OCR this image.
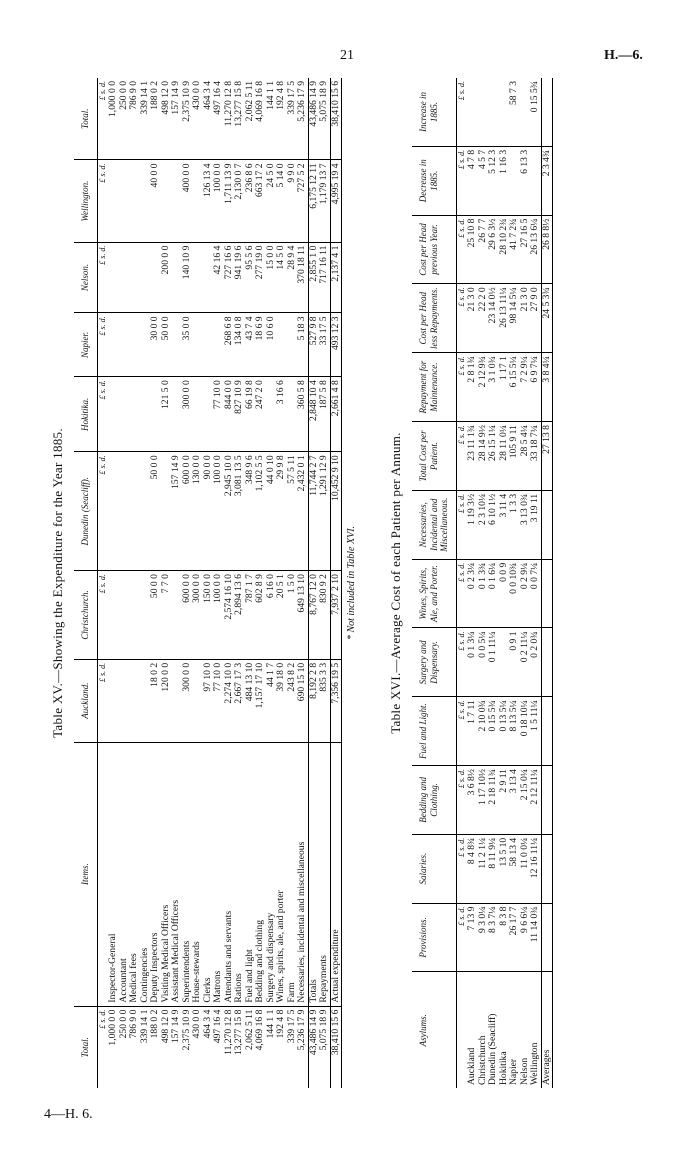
21	H.—6.
4—H. 6.

Table XV.—Showing the Expenditure for the Year 1885.

Total.	Items.	Auckland.	Christchurch.	Dunedin (Seacliff).	Hokitika.	Napier.	Nelson.	Wellington.	Total.
£ s. d.		£ s. d.	£ s. d.	£ s. d.	£ s. d.	£ s. d.	£ s. d.	£ s. d.	£ s. d.
1,000 0 0	Inspector-General								1,000 0 0
250 0 0	Accountant								250 0 0
786 9 0	Medical fees								786 9 0
339 14 1	Contingencies								339 14 1
188 0 2	Deputy Inspectors	18 0 2	50 0 0	50 0 0		30 0 0		40 0 0	188 0 2
498 12 0	Visiting Medical Officers	120 0 0	7 7 0		121 5 0	50 0 0	200 0 0		498 12 0
157 14 9	Assistant Medical Officers			157 14 9					157 14 9
2,375 10 9	Superintendents	300 0 0	600 0 0	600 0 0	300 0 0	35 0 0	140 10 9	400 0 0	2,375 10 9
430 0 0	House-stewards		300 0 0	130 0 0					430 0 0
464 3 4	Clerks	97 10 0	150 0 0	90 0 0				126 13 4	464 3 4
497 16 4	Matrons	77 10 0	100 0 0	100 0 0	77 10 0		42 16 4	100 0 0	497 16 4
11,270 12 8	Attendants and servants	2,274 10 0	2,574 16 10	2,945 10 0	844 0 0	268 6 8	727 16 6	1,711 13 9	11,270 12 8
13,277 15 8	Rations	2,667 17 3	2,894 13 6	3,081 13 5	827 10 9	134 0 8	941 19 6	2,130 0 7	13,277 15 8
2,062 5 11	Fuel and light	484 13 10	787 1 7	348 9 6	66 19 8	43 7 4	95 5 6	236 8 6	2,062 5 11
4,069 16 8	Bedding and clothing	1,157 17 10	602 8 9	1,102 5 5	247 2 0	18 6 9	277 19 0	663 17 2	4,069 16 8
144 1 1	Surgery and dispensary	44 1 7	6 16 0	44 0 10		10 6 0	15 0 0	24 5 0	144 1 1
192 4 8	Wines, spirits, ale, and porter	39 18 0	20 5 1	29 9 8	3 16 6		14 5 0	5 14 0	192 4 8
339 17 5	Farm	243 8 2	1 5 0	57 5 11			28 9 4	9 9 0	339 17 5
5,236 17 9	Necessaries, incidental and miscellaneous	690 15 10	649 13 10	2,432 0 1	360 5 8	5 18 3	370 18 11	727 5 2	5,236 17 9
43,486 14 9	Totals	8,192 2 8	8,767 12 0	11,744 2 7	2,848 10 4	527 9 8	2,855 1 0	6,175 12 11	43,486 14 9
5,075 18 9	Repayments	835 3 3	830 9 2	1,291 12 9	187 5 8	33 17 5	717 16 11	1,179 13 7	5,075 18 9
38,410 15 6	Actual expenditure	7,356 19 5	7,937 2 10	10,452 9 10	2,661 4 8	493 12 3	2,137 4 1	4,995 19 4	38,410 15 6

* Not included in Table XVI. Table XVI.—Average Cost of each Patient per Annum.

Asylums.	Provisions.	Salaries.	Bedding and Clothing.	Fuel and Light.	Surgery and Dispensary.	Wines, Spirits, Ale, and Porter.	Necessaries, Incidental and Miscellaneous.	Total Cost per Patient.	Repayment for Maintenance.	Cost per Head less Repayments.	Cost per Head previous Year.	Decrease in 1885.	Increase in 1885.
	£ s. d.	£ s. d.	£ s. d.	£ s. d.	£ s. d.	£ s. d.	£ s. d.	£ s. d.	£ s. d.	£ s. d.	£ s. d.	£ s. d.	£ s. d.
Auckland	7 13 9	8 4 8¾	3 6 8½	1 7 11	0 1 3¼	0 2 3¼	1 19 3½	23 11 1¾	2 8 1¾	21 3 0	25 10 8	4 7 8	
Christchurch	9 3 0¼	11 2 1¼	1 17 10½	2 10 0¾	0 0 5¼	0 1 3¾	2 3 10¼	28 14 9½	2 12 9¾	22 2 0	26 7 7	4 5 7	
Dunedin (Seacliff)	8 3 7¼	8 11 9¼	2 18 11¾	0 15 5¾	0 1 11¼	0 1 6¼	6 10 1½	26 15 1¼	3 1 0¾	23 14 0½	29 6 3½	5 12 3	
Hokitika	8 3 8	13 5 10	2 9 11	0 13 5¼		0 0 9	3 11 4	28 11 0¼	1 17 1	26 13 11¼	28 10 2¾	1 16 3	
Napier	26 17 7	58 13 4	3 13 4	8 13 5¼	0 9 1	0 0 10¾	1 3 3	105 9 11	6 15 5¼	98 14 5¼	41 7 2¾		58 7 3
Nelson	9 6 6¼	11 0 0¼	2 15 0¼	0 18 10¼	0 2 11¼	0 2 9¼	3 13 0¾	28 5 4¼	7 2 9¼	21 3 0	27 16 5	6 13 3	
Wellington	11 14 0¾	12 16 11¼	2 12 11¼	1 5 11¼	0 2 0¾	0 0 7¼	3 19 11	33 18 7¼	6 9 7¼	27 9 0	26 13 6¼		0 15 5¾
Averages								27 13 8	3 8 4¼	24 5 3¾	26 8 8½	2 3 4¾	
